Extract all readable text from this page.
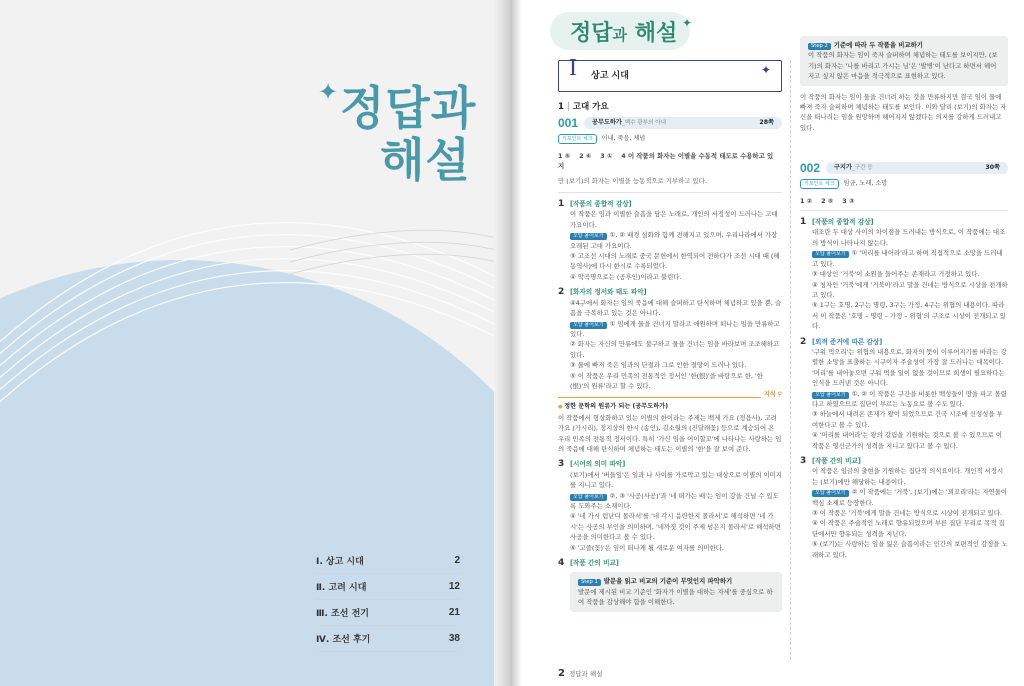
✦ 정답과
해설
Ⅰ. 상고 시대	2
Ⅱ. 고려 시대	12
Ⅲ. 조선 전기	21
Ⅳ. 조선 후기	38
정답과 해설 ✦
I 상고 시대	✦
1 | 고대 가요
001	공무도하가_백수 광부의 아내	28쪽
키포인트 체크 이내, 죽음, 체념
1 ⑤ 2 ④ 3 ① 4 이 작품의 화자는 이별을 수동적 태도로 수용하고 있지
만 (보기)의 화자는 이별을 능동적으로 거부하고 있다.
1 [작품의 종합적 감상]
이 작품은 임과 이별한 슬픔을 담은 노래로, 개인의 서정성이 드러나는 고대 가요이다.
오답 풀어보기 ①, ② 배경 설화와 함께 전해지고 있으며, 우리나라에서 가장 오래된 고대 가요이다.
③ 고조선 시대의 노래로 중국 문헌에서 한역되어 전하다가 조선 시대 때 (해동역사)에 다시 한시로 수록되었다.
④ 악곡명으로는 (공후인)이라고 불린다.
2 [화자의 정서와 태도 파악]
④4구에서 화자는 임의 죽음에 대해 슬퍼하고 탄식하며 체념하고 있을 뿐, 슬픔을 극복하고 있는 것은 아니다.
오답 풀어보기 ① 임에게 물을 건너지 말라고 애원하며 떠나는 임을 만류하고 있다.
② 화자는 자신의 만류에도 불구하고 물을 건너는 임을 바라보며 조조해하고 있다.
③ 물에 빠져 죽은 임과의 단절과 그로 인한 절망이 드러나 있다.
⑤ 이 작품은 우리 민족의 전통적인 정서인 '한(恨)'을 바탕으로 한, '한(恨)'의 원류'라고 할 수 있다.
지식 ⚲
● 정한 문학의 원류가 되는 (공무도하가)
이 작품에서 형상화하고 있는 이별의 한이라는 주제는 백제 가요 (정읍사), 고려 가요 (가시리), 정지상의 한시 (송인), 김소월의 (진달래꽃) 등으로 계승되어 온 우리 민족의 전통적 정서이다. 특히 '가신 임을 어이할꼬'에 나타나는 사랑하는 임의 죽음에 대해 탄식하며 체념하는 태도는 이별의 '한'을 잘 보여 준다.
3 [시어의 의미 파악]
(보기)에서 '버들잎'은 임과 나 사이를 가로막고 있는 대상으로 이별의 이미지를 지니고 있다.
오답 풀어보기 ②, ③ '사공(사공)'과 '네 떠가는 배'는 임이 강을 건널 수 있도록 도와주는 소재이다.
④ '네 가시 럼난디 몰라서'를 '네 각시 음란한지 몰라서'로 해석하면 '네 가시'는 사공의 부인을 의미하며, '네까짓 것이 주제 넘은지 몰라서'로 해석하면 사공을 의미한다고 볼 수 있다.
⑤ '고즐(꽃)'은 임이 떠나게 될 새로운 여자를 의미한다.
4 [작품 간의 비교]
Step 1 발문을 읽고 비교의 기준이 무엇인지 파악하기
발문에 제시된 비교 기준인 '화자가 이별을 대하는 자세'를 중심으로 하여 작품을 감상해야 함을 이해한다.
Step 2 기준에 따라 두 작품을 비교하기
이 작품의 화자는 임이 죽자 슬퍼하며 체념하는 태도를 보이지만, (보기)의 화자는 '나를 바리고 가시는 님'은 '발병'이 난다고 하면서 헤어지고 싶지 않은 마음을 적극적으로 표현하고 있다.
이 작품의 화자는 임이 물을 건너려 하는 것을 만류하지만 결국 임이 물에 빠져 죽자 슬퍼하며 체념하는 태도를 보인다. 이와 달리 (보기)의 화자는 자신을 떠나려는 임을 원망하며 헤어지지 않겠다는 의지를 강하게 드러내고 있다.
002	구지가_구간 등	30쪽
키포인트 체크 임금, 노래, 소망
1 ② 2 ⑤ 3 ③
1 [작품의 종합적 감상]
대조란 두 대상 사이의 차이점을 드러내는 방식으로, 이 작품에는 대조의 방식이 나타나지 않는다.
오답 풀어보기 ① '머리를 내어라'라고 하며 직접적으로 소망을 드러내고 있다.
③ 대상인 '거북'이 소원을 들어주는 존재라고 가정하고 있다.
④ 청자인 '거북'에게 '거북아'라고 말을 건네는 방식으로 시상을 전개하고 있다.
⑤ 1구는 호명, 2구는 명령, 3구는 가정, 4구는 위협의 내용이다. 따라서 이 작품은 '호명 – 명령 – 가정 – 위협'의 구조로 시상이 전개되고 있다.
2 [외적 준거에 따른 감상]
'구워 먹으리'는 위협의 내용으로, 화자의 뜻이 이루어지기를 바라는 강렬한 소망을 표출하는 시구이자 주술성이 가장 잘 드러나는 대목이다. '머리'를 내어놓으면 구워 먹을 일이 없을 것이므로 희생이 필요하다는 인식을 드러낸 것은 아니다.
오답 풀어보기 ①, ② 이 작품은 구간을 비롯한 백성들이 땅을 파고 몰렸다고 하였으므로 집단이 부르는 노동요로 볼 수도 있다.
③ 하늘에서 내려온 존재가 왕이 되었으므로 건국 시조에 신성성을 부여한다고 볼 수 있다.
④ '머리를 내어라'는 왕의 강림을 기원하는 것으로 볼 수 있으므로 이 작품은 영신군가의 성격을 지니고 있다고 볼 수 있다.
3 [작품 간의 비교]
이 작품은 임금의 출현을 기원하는 집단적 의식요이다. 개인적 서정시는 (보기)에만 해당하는 내용이다.
오답 풀어보기 ② 이 작품에는 '거북', (보기)에는 '꾀꼬리'라는 자연물이 핵심 소재로 등장한다.
③ 이 작품은 '거북'에게 말을 건네는 방식으로 시상이 전개되고 있다.
④ 이 작품은 주술적인 노래로 향유되었으며 부른 집단 무리로 목적 집단에서만 향유되는 성격을 지닌다.
⑤ (보기)는 사랑하는 임을 잃은 슬픔이라는 인간의 보편적인 감정을 노래하고 있다.
2 정답과 해설
